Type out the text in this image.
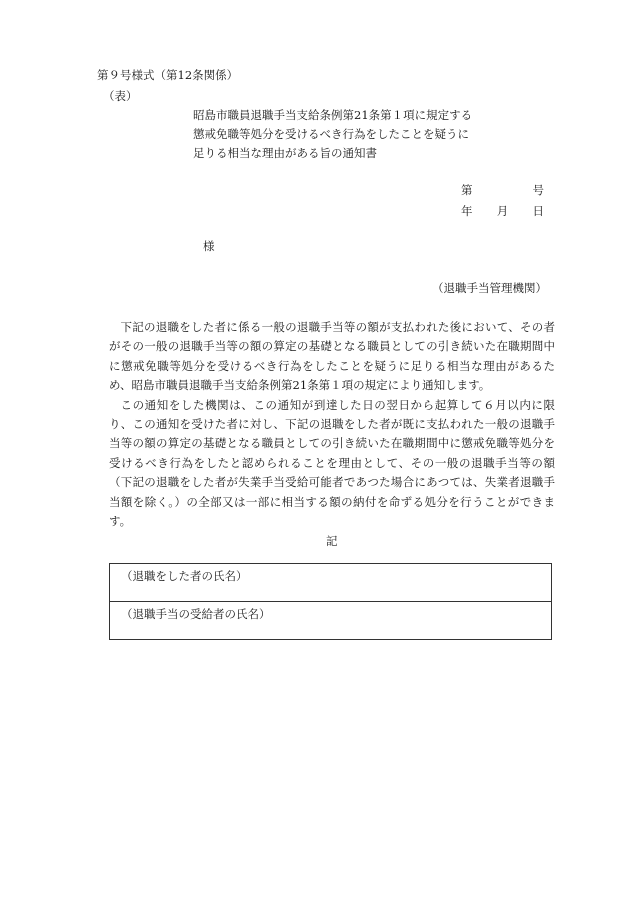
第９号様式（第12条関係）
（表）
昭島市職員退職手当支給条例第21条第１項に規定する
懲戒免職等処分を受けるべき行為をしたことを疑うに
足りる相当な理由がある旨の通知書
第	号
年 月 日
様
（退職手当管理機関）

下記の退職をした者に係る一般の退職手当等の額が支払われた後において、その者がその一般の退職手当等の額の算定の基礎となる職員としての引き続いた在職期間中に懲戒免職等処分を受けるべき行為をしたことを疑うに足りる相当な理由があるため、昭島市職員退職手当支給条例第21条第１項の規定により通知します。

この通知をした機関は、この通知が到達した日の翌日から起算して６月以内に限り、この通知を受けた者に対し、下記の退職をした者が既に支払われた一般の退職手当等の額の算定の基礎となる職員としての引き続いた在職期間中に懲戒免職等処分を受けるべき行為をしたと認められることを理由として、その一般の退職手当等の額（下記の退職をした者が失業手当受給可能者であつた場合にあつては、失業者退職手当額を除く。）の全部又は一部に相当する額の納付を命ずる処分を行うことができます。

記
（退職をした者の氏名）
（退職手当の受給者の氏名）
